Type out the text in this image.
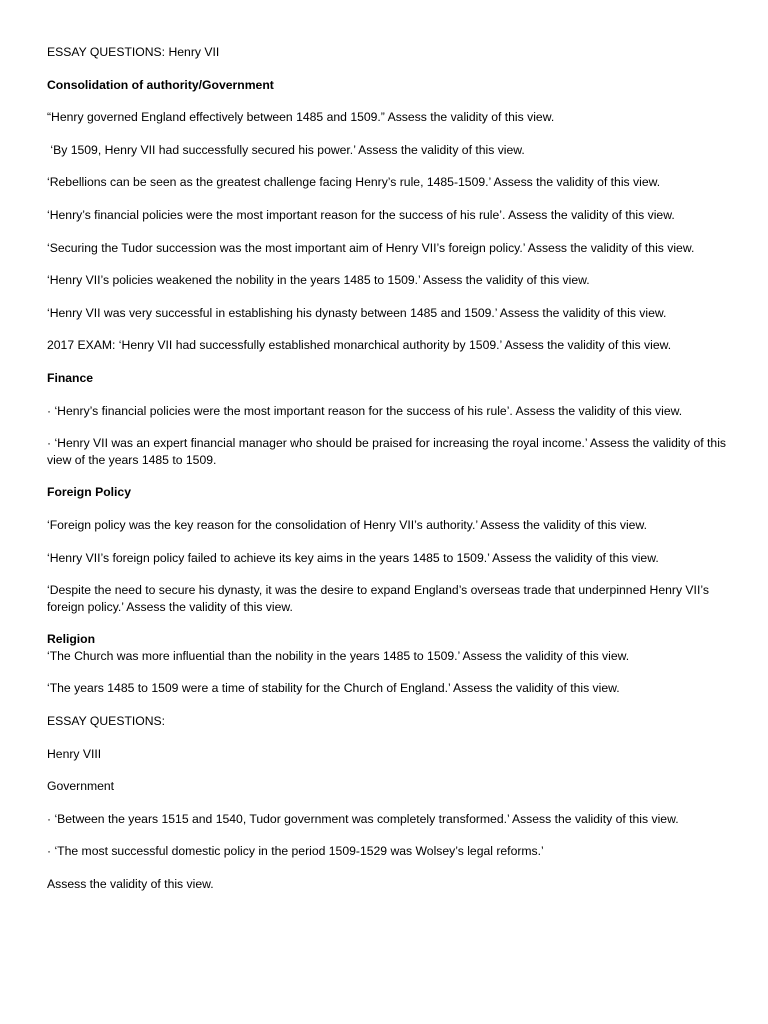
ESSAY QUESTIONS: Henry VII

Consolidation of authority/Government

“Henry governed England effectively between 1485 and 1509.” Assess the validity of this view.

‘By 1509, Henry VII had successfully secured his power.’ Assess the validity of this view.

‘Rebellions can be seen as the greatest challenge facing Henry’s rule, 1485-1509.’ Assess the validity of this view.

‘Henry’s financial policies were the most important reason for the success of his rule’. Assess the validity of this view.

‘Securing the Tudor succession was the most important aim of Henry VII’s foreign policy.’ Assess the validity of this view.

‘Henry VII’s policies weakened the nobility in the years 1485 to 1509.’ Assess the validity of this view.

‘Henry VII was very successful in establishing his dynasty between 1485 and 1509.’ Assess the validity of this view.

2017 EXAM: ‘Henry VII had successfully established monarchical authority by 1509.’ Assess the validity of this view.

Finance

· ‘Henry’s financial policies were the most important reason for the success of his rule’. Assess the validity of this view.

· ‘Henry VII was an expert financial manager who should be praised for increasing the royal income.’ Assess the validity of this view of the years 1485 to 1509.

Foreign Policy

‘Foreign policy was the key reason for the consolidation of Henry VII’s authority.’ Assess the validity of this view.

‘Henry VII’s foreign policy failed to achieve its key aims in the years 1485 to 1509.’ Assess the validity of this view.

‘Despite the need to secure his dynasty, it was the desire to expand England’s overseas trade that underpinned Henry VII’s foreign policy.’ Assess the validity of this view.

Religion

‘The Church was more influential than the nobility in the years 1485 to 1509.’ Assess the validity of this view.

‘The years 1485 to 1509 were a time of stability for the Church of England.’ Assess the validity of this view.

ESSAY QUESTIONS:

Henry VIII

Government

· ‘Between the years 1515 and 1540, Tudor government was completely transformed.’ Assess the validity of this view.

· ‘The most successful domestic policy in the period 1509-1529 was Wolsey’s legal reforms.’

Assess the validity of this view.
